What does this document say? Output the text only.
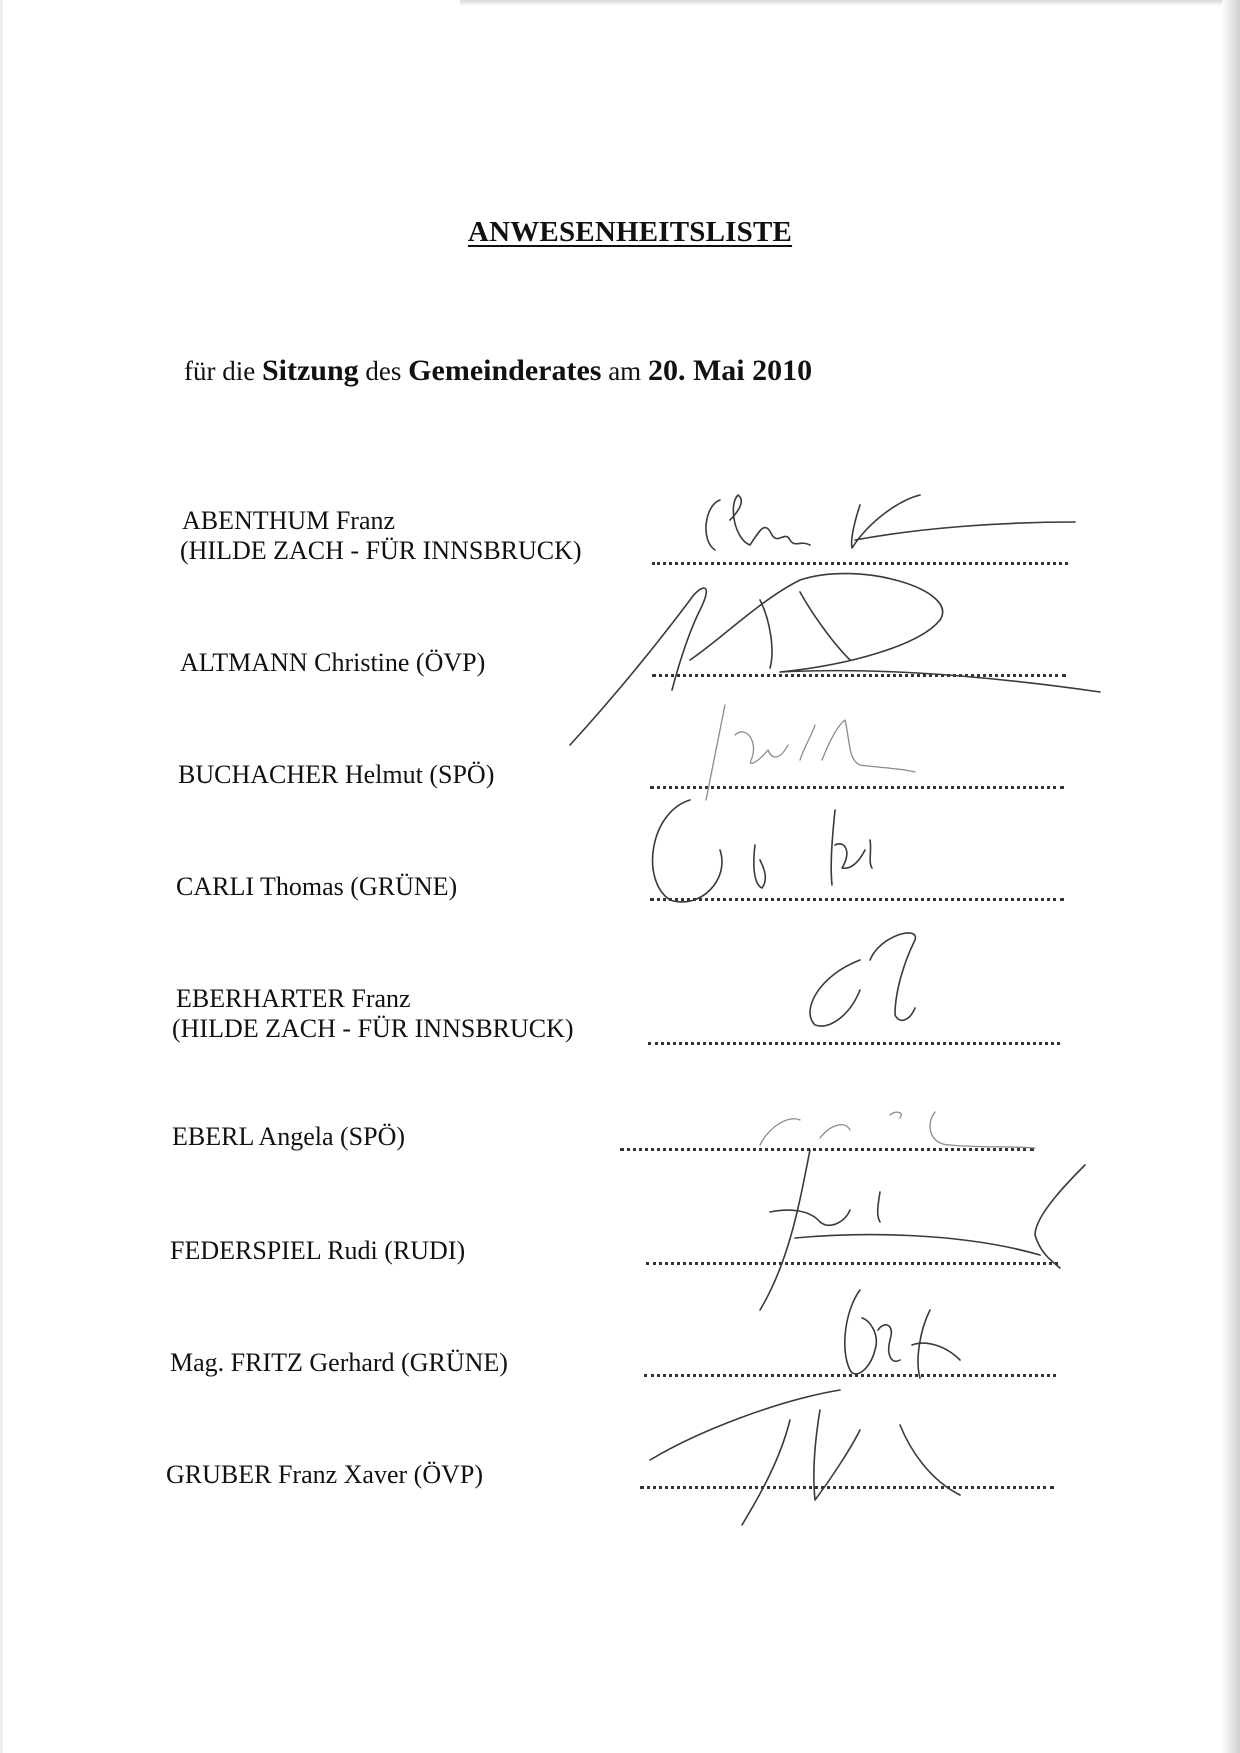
ANWESENHEITSLISTE

für die Sitzung des Gemeinderates am 20. Mai 2010

ABENTHUM Franz
(HILDE ZACH - FÜR INNSBRUCK)
ALTMANN Christine (ÖVP)
BUCHACHER Helmut (SPÖ)
CARLI Thomas (GRÜNE)
EBERHARTER Franz
(HILDE ZACH - FÜR INNSBRUCK)
EBERL Angela (SPÖ)
FEDERSPIEL Rudi (RUDI)
Mag. FRITZ Gerhard (GRÜNE)
GRUBER Franz Xaver (ÖVP)
